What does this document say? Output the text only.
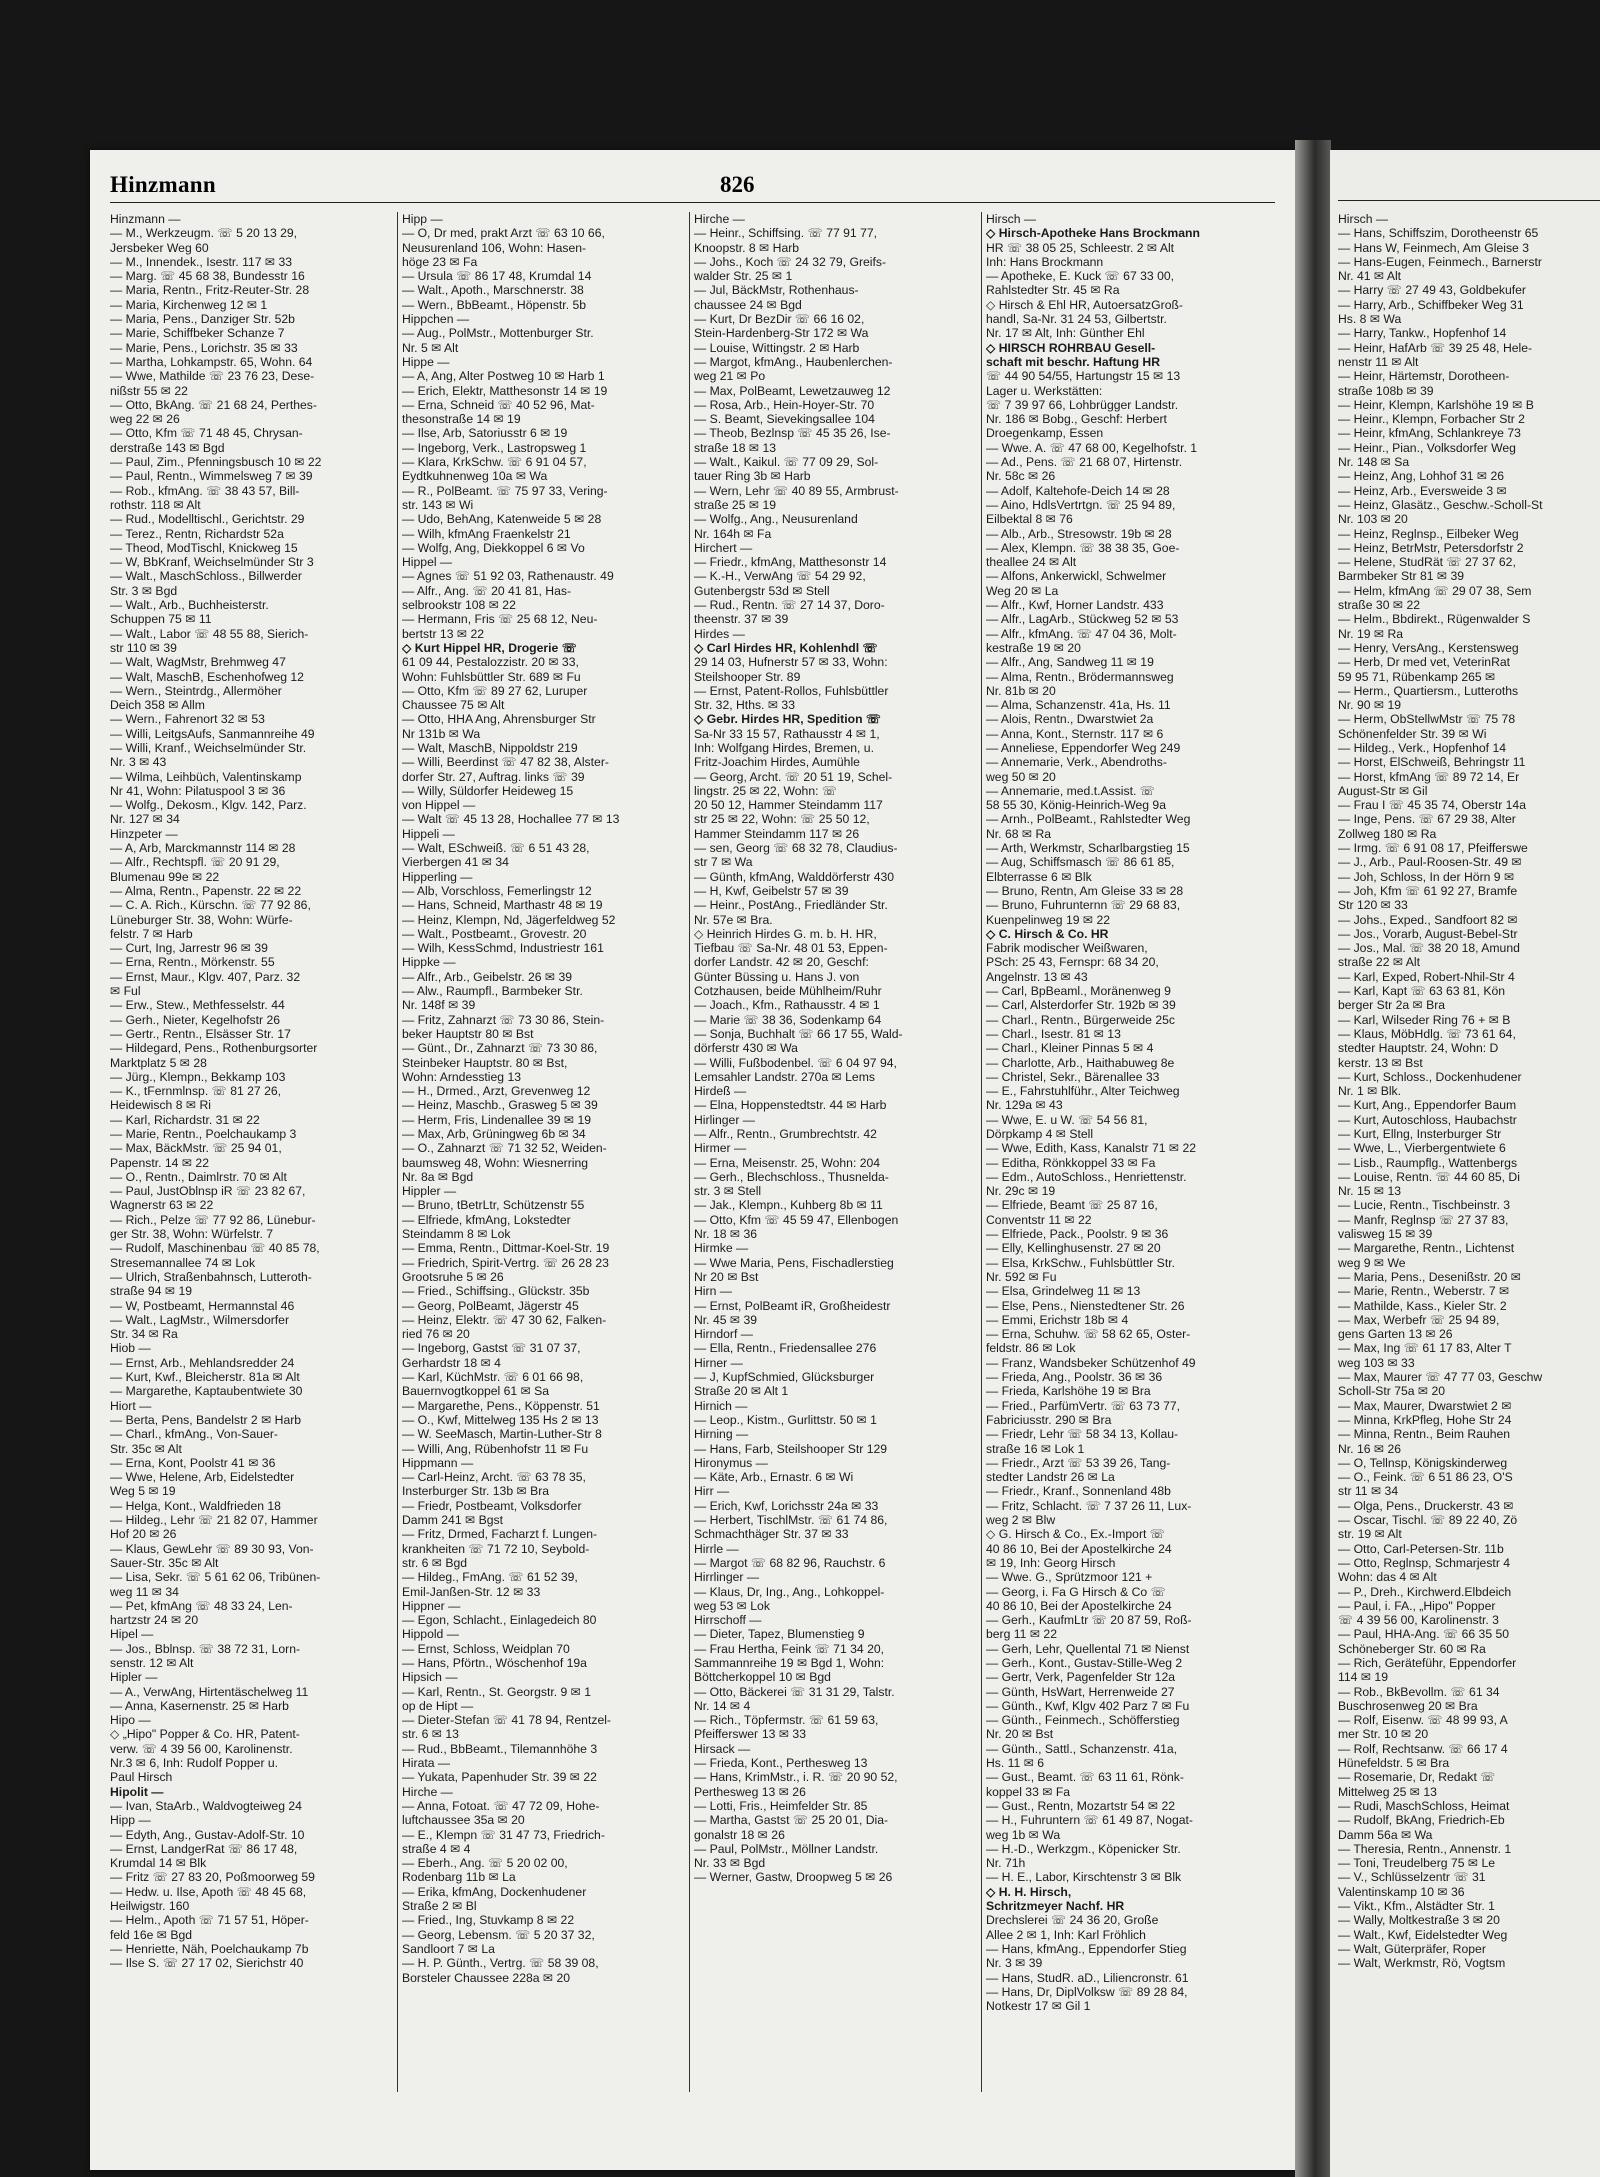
Hirsch —
— Hans, Schiffszim, Dorotheenstr 65
— Hans W, Feinmech, Am Gleise 3
— Hans-Eugen, Feinmech., Barnerstr
Nr. 41 ✉ Alt
— Harry ☏ 27 49 43, Goldbekufer
— Harry, Arb., Schiffbeker Weg 31
Hs. 8 ✉ Wa
— Harry, Tankw., Hopfenhof 14
— Heinr, HafArb ☏ 39 25 48, Hele-
nenstr 11 ✉ Alt
— Heinr, Härtemstr, Dorotheen-
straße 108b ✉ 39
— Heinr, Klempn, Karlshöhe 19 ✉ B
— Heinr., Klempn, Forbacher Str 2
— Heinr, kfmAng, Schlankreye 73
— Heinr., Pian., Volksdorfer Weg
Nr. 148 ✉ Sa
— Heinz, Ang, Lohhof 31 ✉ 26
— Heinz, Arb., Eversweide 3 ✉
— Heinz, Glasätz., Geschw.-Scholl-St
Nr. 103 ✉ 20
— Heinz, Reglnsp., Eilbeker Weg
— Heinz, BetrMstr, Petersdorfstr 2
— Helene, StudRät ☏ 27 37 62,
Barmbeker Str 81 ✉ 39
— Helm, kfmAng ☏ 29 07 38, Sem
straße 30 ✉ 22
— Helm., Bbdirekt., Rügenwalder S
Nr. 19 ✉ Ra
— Henry, VersAng., Kerstensweg
— Herb, Dr med vet, VeterinRat
59 95 71, Rübenkamp 265 ✉
— Herm., Quartiersm., Lutteroths
Nr. 90 ✉ 19
— Herm, ObStellwMstr ☏ 75 78
Schönenfelder Str. 39 ✉ Wi
— Hildeg., Verk., Hopfenhof 14
— Horst, ElSchweiß, Behringstr 11
— Horst, kfmAng ☏ 89 72 14, Er
August-Str ✉ Gil
— Frau I ☏ 45 35 74, Oberstr 14a
— Inge, Pens. ☏ 67 29 38, Alter
Zollweg 180 ✉ Ra
— Irmg. ☏ 6 91 08 17, Pfeifferswe
— J., Arb., Paul-Roosen-Str. 49 ✉
— Joh, Schloss, In der Hörn 9 ✉
— Joh, Kfm ☏ 61 92 27, Bramfe
Str 120 ✉ 33
— Johs., Exped., Sandfoort 82 ✉
— Jos., Vorarb, August-Bebel-Str
— Jos., Mal. ☏ 38 20 18, Amund
straße 22 ✉ Alt
— Karl, Exped, Robert-Nhil-Str 4
— Karl, Kapt ☏ 63 63 81, Kön
berger Str 2a ✉ Bra
— Karl, Wilseder Ring 76 + ✉ B
— Klaus, MöbHdlg. ☏ 73 61 64,
stedter Hauptstr. 24, Wohn: D
kerstr. 13 ✉ Bst
— Kurt, Schloss., Dockenhudener
Nr. 1 ✉ Blk.
— Kurt, Ang., Eppendorfer Baum
— Kurt, Autoschloss, Haubachstr
— Kurt, Ellng, Insterburger Str
— Wwe, L., Vierbergentwiete 6
— Lisb., Raumpflg., Wattenbergs
— Louise, Rentn. ☏ 44 60 85, Di
Nr. 15 ✉ 13
— Lucie, Rentn., Tischbeinstr. 3
— Manfr, Reglnsp ☏ 27 37 83,
valisweg 15 ✉ 39
— Margarethe, Rentn., Lichtenst
weg 9 ✉ We
— Maria, Pens., Desenißstr. 20 ✉
— Marie, Rentn., Weberstr. 7 ✉
— Mathilde, Kass., Kieler Str. 2
— Max, Werbefr ☏ 25 94 89,
gens Garten 13 ✉ 26
— Max, Ing ☏ 61 17 83, Alter T
weg 103 ✉ 33
— Max, Maurer ☏ 47 77 03, Geschw
Scholl-Str 75a ✉ 20
— Max, Maurer, Dwarstwiet 2 ✉
— Minna, KrkPfleg, Hohe Str 24
— Minna, Rentn., Beim Rauhen
Nr. 16 ✉ 26
— O, Tellnsp, Königskinderweg
— O., Feink. ☏ 6 51 86 23, O'S
str 11 ✉ 34
— Olga, Pens., Druckerstr. 43 ✉
— Oscar, Tischl. ☏ 89 22 40, Zö
str. 19 ✉ Alt
— Otto, Carl-Petersen-Str. 11b
— Otto, Reglnsp, Schmarjestr 4
Wohn: das 4 ✉ Alt
— P., Dreh., Kirchwerd.Elbdeich
— Paul, i. FA., „Hipo" Popper
☏ 4 39 56 00, Karolinenstr. 3
— Paul, HHA-Ang. ☏ 66 35 50
Schöneberger Str. 60 ✉ Ra
— Rich, Geräteführ, Eppendorfer
114 ✉ 19
— Rob., BkBevollm. ☏ 61 34
Buschrosenweg 20 ✉ Bra
— Rolf, Eisenw. ☏ 48 99 93, A
mer Str. 10 ✉ 20
— Rolf, Rechtsanw. ☏ 66 17 4
Hünefeldstr. 5 ✉ Bra
— Rosemarie, Dr, Redakt ☏
Mittelweg 25 ✉ 13
— Rudi, MaschSchloss, Heimat
— Rudolf, BkAng, Friedrich-Eb
Damm 56a ✉ Wa
— Theresia, Rentn., Annenstr. 1
— Toni, Treudelberg 75 ✉ Le
— V., Schlüsselzentr ☏ 31
Valentinskamp 10 ✉ 36
— Vikt., Kfm., Alstädter Str. 1
— Wally, Moltkestraße 3 ✉ 20
— Walt., Kwf, Eidelstedter Weg
— Walt, Güterpräfer, Roper
— Walt, Werkmstr, Rö, Vogtsm
Hinzmann	826
Hinzmann —
— M., Werkzeugm. ☏ 5 20 13 29,
Jersbeker Weg 60
— M., Innendek., Isestr. 117 ✉ 33
— Marg. ☏ 45 68 38, Bundesstr 16
— Maria, Rentn., Fritz-Reuter-Str. 28
— Maria, Kirchenweg 12 ✉ 1
— Maria, Pens., Danziger Str. 52b
— Marie, Schiffbeker Schanze 7
— Marie, Pens., Lorichstr. 35 ✉ 33
— Martha, Lohkampstr. 65, Wohn. 64
— Wwe, Mathilde ☏ 23 76 23, Dese-
nißstr 55 ✉ 22
— Otto, BkAng. ☏ 21 68 24, Perthes-
weg 22 ✉ 26
— Otto, Kfm ☏ 71 48 45, Chrysan-
derstraße 143 ✉ Bgd
— Paul, Zim., Pfenningsbusch 10 ✉ 22
— Paul, Rentn., Wimmelsweg 7 ✉ 39
— Rob., kfmAng. ☏ 38 43 57, Bill-
rothstr. 118 ✉ Alt
— Rud., Modelltischl., Gerichtstr. 29
— Terez., Rentn, Richardstr 52a
— Theod, ModTischl, Knickweg 15
— W, BbKranf, Weichselmünder Str 3
— Walt., MaschSchloss., Billwerder
Str. 3 ✉ Bgd
— Walt., Arb., Buchheisterstr.
Schuppen 75 ✉ 11
— Walt., Labor ☏ 48 55 88, Sierich-
str 110 ✉ 39
— Walt, WagMstr, Brehmweg 47
— Walt, MaschB, Eschenhofweg 12
— Wern., Steintrdg., Allermöher
Deich 358 ✉ Allm
— Wern., Fahrenort 32 ✉ 53
— Willi, LeitgsAufs, Sanmannreihe 49
— Willi, Kranf., Weichselmünder Str.
Nr. 3 ✉ 43
— Wilma, Leihbüch, Valentinskamp
Nr 41, Wohn: Pilatuspool 3 ✉ 36
— Wolfg., Dekosm., Klgv. 142, Parz.
Nr. 127 ✉ 34
Hinzpeter —
— A, Arb, Marckmannstr 114 ✉ 28
— Alfr., Rechtspfl. ☏ 20 91 29,
Blumenau 99e ✉ 22
— Alma, Rentn., Papenstr. 22 ✉ 22
— C. A. Rich., Kürschn. ☏ 77 92 86,
Lüneburger Str. 38, Wohn: Würfe-
felstr. 7 ✉ Harb
— Curt, Ing, Jarrestr 96 ✉ 39
— Erna, Rentn., Mörkenstr. 55
— Ernst, Maur., Klgv. 407, Parz. 32
✉ Ful
— Erw., Stew., Methfesselstr. 44
— Gerh., Nieter, Kegelhofstr 26
— Gertr., Rentn., Elsässer Str. 17
— Hildegard, Pens., Rothenburgsorter
Marktplatz 5 ✉ 28
— Jürg., Klempn., Bekkamp 103
— K., tFernmlnsp. ☏ 81 27 26,
Heidewisch 8 ✉ Ri
— Karl, Richardstr. 31 ✉ 22
— Marie, Rentn., Poelchaukamp 3
— Max, BäckMstr. ☏ 25 94 01,
Papenstr. 14 ✉ 22
— O., Rentn., Daimlrstr. 70 ✉ Alt
— Paul, JustOblnsp iR ☏ 23 82 67,
Wagnerstr 63 ✉ 22
— Rich., Pelze ☏ 77 92 86, Lünebur-
ger Str. 38, Wohn: Würfelstr. 7
— Rudolf, Maschinenbau ☏ 40 85 78,
Stresemannallee 74 ✉ Lok
— Ulrich, Straßenbahnsch, Lutteroth-
straße 94 ✉ 19
— W, Postbeamt, Hermannstal 46
— Walt., LagMstr., Wilmersdorfer
Str. 34 ✉ Ra
Hiob —
— Ernst, Arb., Mehlandsredder 24
— Kurt, Kwf., Bleicherstr. 81a ✉ Alt
— Margarethe, Kaptaubentwiete 30
Hiort —
— Berta, Pens, Bandelstr 2 ✉ Harb
— Charl., kfmAng., Von-Sauer-
Str. 35c ✉ Alt
— Erna, Kont, Poolstr 41 ✉ 36
— Wwe, Helene, Arb, Eidelstedter
Weg 5 ✉ 19
— Helga, Kont., Waldfrieden 18
— Hildeg., Lehr ☏ 21 82 07, Hammer
Hof 20 ✉ 26
— Klaus, GewLehr ☏ 89 30 93, Von-
Sauer-Str. 35c ✉ Alt
— Lisa, Sekr. ☏ 5 61 62 06, Tribünen-
weg 11 ✉ 34
— Pet, kfmAng ☏ 48 33 24, Len-
hartzstr 24 ✉ 20
Hipel —
— Jos., Bblnsp. ☏ 38 72 31, Lorn-
senstr. 12 ✉ Alt
Hipler —
— A., VerwAng, Hirtentäschelweg 11
— Anna, Kasernenstr. 25 ✉ Harb
Hipo —
◇ „Hipo" Popper & Co. HR, Patent-
verw. ☏ 4 39 56 00, Karolinenstr.
Nr.3 ✉ 6, Inh: Rudolf Popper u.
Paul Hirsch
Hipolit —
— Ivan, StaArb., Waldvogteiweg 24
Hipp —
— Edyth, Ang., Gustav-Adolf-Str. 10
— Ernst, LandgerRat ☏ 86 17 48,
Krumdal 14 ✉ Blk
— Fritz ☏ 27 83 20, Poßmoorweg 59
— Hedw. u. Ilse, Apoth ☏ 48 45 68,
Heilwigstr. 160
— Helm., Apoth ☏ 71 57 51, Höper-
feld 16e ✉ Bgd
— Henriette, Näh, Poelchaukamp 7b
— Ilse S. ☏ 27 17 02, Sierichstr 40
Hipp —
— O, Dr med, prakt Arzt ☏ 63 10 66,
Neusurenland 106, Wohn: Hasen-
höge 23 ✉ Fa
— Ursula ☏ 86 17 48, Krumdal 14
— Walt., Apoth., Marschnerstr. 38
— Wern., BbBeamt., Höpenstr. 5b
Hippchen —
— Aug., PolMstr., Mottenburger Str.
Nr. 5 ✉ Alt
Hippe —
— A, Ang, Alter Postweg 10 ✉ Harb 1
— Erich, Elektr, Matthesonstr 14 ✉ 19
— Erna, Schneid ☏ 40 52 96, Mat-
thesonstraße 14 ✉ 19
— Ilse, Arb, Satoriusstr 6 ✉ 19
— Ingeborg, Verk., Lastropsweg 1
— Klara, KrkSchw. ☏ 6 91 04 57,
Eydtkuhnenweg 10a ✉ Wa
— R., PolBeamt. ☏ 75 97 33, Vering-
str. 143 ✉ Wi
— Udo, BehAng, Katenweide 5 ✉ 28
— Wilh, kfmAng Fraenkelstr 21
— Wolfg, Ang, Diekkoppel 6 ✉ Vo
Hippel —
— Agnes ☏ 51 92 03, Rathenaustr. 49
— Alfr., Ang. ☏ 20 41 81, Has-
selbrookstr 108 ✉ 22
— Hermann, Fris ☏ 25 68 12, Neu-
bertstr 13 ✉ 22
◇ Kurt Hippel HR, Drogerie ☏
61 09 44, Pestalozzistr. 20 ✉ 33,
Wohn: Fuhlsbüttler Str. 689 ✉ Fu
— Otto, Kfm ☏ 89 27 62, Luruper
Chaussee 75 ✉ Alt
— Otto, HHA Ang, Ahrensburger Str
Nr 131b ✉ Wa
— Walt, MaschB, Nippoldstr 219
— Willi, Beerdinst ☏ 47 82 38, Alster-
dorfer Str. 27, Auftrag. links ☏ 39
— Willy, Süldorfer Heideweg 15
von Hippel —
— Walt ☏ 45 13 28, Hochallee 77 ✉ 13
Hippeli —
— Walt, ESchweiß. ☏ 6 51 43 28,
Vierbergen 41 ✉ 34
Hipperling —
— Alb, Vorschloss, Femerlingstr 12
— Hans, Schneid, Marthastr 48 ✉ 19
— Heinz, Klempn, Nd, Jägerfeldweg 52
— Walt., Postbeamt., Grovestr. 20
— Wilh, KessSchmd, Industriestr 161
Hippke —
— Alfr., Arb., Geibelstr. 26 ✉ 39
— Alw., Raumpfl., Barmbeker Str.
Nr. 148f ✉ 39
— Fritz, Zahnarzt ☏ 73 30 86, Stein-
beker Hauptstr 80 ✉ Bst
— Günt., Dr., Zahnarzt ☏ 73 30 86,
Steinbeker Hauptstr. 80 ✉ Bst,
Wohn: Arndesstieg 13
— H., Drmed., Arzt, Grevenweg 12
— Heinz, Maschb., Grasweg 5 ✉ 39
— Herm, Fris, Lindenallee 39 ✉ 19
— Max, Arb, Grüningweg 6b ✉ 34
— O., Zahnarzt ☏ 71 32 52, Weiden-
baumsweg 48, Wohn: Wiesnerring
Nr. 8a ✉ Bgd
Hippler —
— Bruno, tBetrLtr, Schützenstr 55
— Elfriede, kfmAng, Lokstedter
Steindamm 8 ✉ Lok
— Emma, Rentn., Dittmar-Koel-Str. 19
— Friedrich, Spirit-Vertrg. ☏ 26 28 23
Grootsruhe 5 ✉ 26
— Fried., Schiffsing., Glückstr. 35b
— Georg, PolBeamt, Jägerstr 45
— Heinz, Elektr. ☏ 47 30 62, Falken-
ried 76 ✉ 20
— Ingeborg, Gastst ☏ 31 07 37,
Gerhardstr 18 ✉ 4
— Karl, KüchMstr. ☏ 6 01 66 98,
Bauernvogtkoppel 61 ✉ Sa
— Margarethe, Pens., Köppenstr. 51
— O., Kwf, Mittelweg 135 Hs 2 ✉ 13
— W. SeeMasch, Martin-Luther-Str 8
— Willi, Ang, Rübenhofstr 11 ✉ Fu
Hippmann —
— Carl-Heinz, Archt. ☏ 63 78 35,
Insterburger Str. 13b ✉ Bra
— Friedr, Postbeamt, Volksdorfer
Damm 241 ✉ Bgst
— Fritz, Drmed, Facharzt f. Lungen-
krankheiten ☏ 71 72 10, Seybold-
str. 6 ✉ Bgd
— Hildeg., FmAng. ☏ 61 52 39,
Emil-Janßen-Str. 12 ✉ 33
Hippner —
— Egon, Schlacht., Einlagedeich 80
Hippold —
— Ernst, Schloss, Weidplan 70
— Hans, Pförtn., Wöschenhof 19a
Hipsich —
— Karl, Rentn., St. Georgstr. 9 ✉ 1
op de Hipt —
— Dieter-Stefan ☏ 41 78 94, Rentzel-
str. 6 ✉ 13
— Rud., BbBeamt., Tilemannhöhe 3
Hirata —
— Yukata, Papenhuder Str. 39 ✉ 22
Hirche —
— Anna, Fotoat. ☏ 47 72 09, Hohe-
luftchaussee 35a ✉ 20
— E., Klempn ☏ 31 47 73, Friedrich-
straße 4 ✉ 4
— Eberh., Ang. ☏ 5 20 02 00,
Rodenbarg 11b ✉ La
— Erika, kfmAng, Dockenhudener
Straße 2 ✉ Bl
— Fried., Ing, Stuvkamp 8 ✉ 22
— Georg, Lebensm. ☏ 5 20 37 32,
Sandloort 7 ✉ La
— H. P. Günth., Vertrg. ☏ 58 39 08,
Borsteler Chaussee 228a ✉ 20
Hirche —
— Heinr., Schiffsing. ☏ 77 91 77,
Knoopstr. 8 ✉ Harb
— Johs., Koch ☏ 24 32 79, Greifs-
walder Str. 25 ✉ 1
— Jul, BäckMstr, Rothenhaus-
chaussee 24 ✉ Bgd
— Kurt, Dr BezDir ☏ 66 16 02,
Stein-Hardenberg-Str 172 ✉ Wa
— Louise, Wittingstr. 2 ✉ Harb
— Margot, kfmAng., Haubenlerchen-
weg 21 ✉ Po
— Max, PolBeamt, Lewetzauweg 12
— Rosa, Arb., Hein-Hoyer-Str. 70
— S. Beamt, Sievekingsallee 104
— Theob, Bezlnsp ☏ 45 35 26, Ise-
straße 18 ✉ 13
— Walt., Kaikul. ☏ 77 09 29, Sol-
tauer Ring 3b ✉ Harb
— Wern, Lehr ☏ 40 89 55, Armbrust-
straße 25 ✉ 19
— Wolfg., Ang., Neusurenland
Nr. 164h ✉ Fa
Hirchert —
— Friedr., kfmAng, Matthesonstr 14
— K.-H., VerwAng ☏ 54 29 92,
Gutenbergstr 53d ✉ Stell
— Rud., Rentn. ☏ 27 14 37, Doro-
theenstr. 37 ✉ 39
Hirdes —
◇ Carl Hirdes HR, Kohlenhdl ☏
29 14 03, Hufnerstr 57 ✉ 33, Wohn:
Steilshooper Str. 89
— Ernst, Patent-Rollos, Fuhlsbüttler
Str. 32, Hths. ✉ 33
◇ Gebr. Hirdes HR, Spedition ☏
Sa-Nr 33 15 57, Rathausstr 4 ✉ 1,
Inh: Wolfgang Hirdes, Bremen, u.
Fritz-Joachim Hirdes, Aumühle
— Georg, Archt. ☏ 20 51 19, Schel-
lingstr. 25 ✉ 22, Wohn: ☏
20 50 12, Hammer Steindamm 117
str 25 ✉ 22, Wohn: ☏ 25 50 12,
Hammer Steindamm 117 ✉ 26
— sen, Georg ☏ 68 32 78, Claudius-
str 7 ✉ Wa
— Günth, kfmAng, Walddörferstr 430
— H, Kwf, Geibelstr 57 ✉ 39
— Heinr., PostAng., Friedländer Str.
Nr. 57e ✉ Bra.
◇ Heinrich Hirdes G. m. b. H. HR,
Tiefbau ☏ Sa-Nr. 48 01 53, Eppen-
dorfer Landstr. 42 ✉ 20, Geschf:
Günter Büssing u. Hans J. von
Cotzhausen, beide Mühlheim/Ruhr
— Joach., Kfm., Rathausstr. 4 ✉ 1
— Marie ☏ 38 36, Sodenkamp 64
— Sonja, Buchhalt ☏ 66 17 55, Wald-
dörferstr 430 ✉ Wa
— Willi, Fußbodenbel. ☏ 6 04 97 94,
Lemsahler Landstr. 270a ✉ Lems
Hirdeß —
— Elna, Hoppenstedtstr. 44 ✉ Harb
Hirlinger —
— Alfr., Rentn., Grumbrechtstr. 42
Hirmer —
— Erna, Meisenstr. 25, Wohn: 204
— Gerh., Blechschloss., Thusnelda-
str. 3 ✉ Stell
— Jak., Klempn., Kuhberg 8b ✉ 11
— Otto, Kfm ☏ 45 59 47, Ellenbogen
Nr. 18 ✉ 36
Hirmke —
— Wwe Maria, Pens, Fischadlerstieg
Nr 20 ✉ Bst
Hirn —
— Ernst, PolBeamt iR, Großheidestr
Nr. 45 ✉ 39
Hirndorf —
— Ella, Rentn., Friedensallee 276
Hirner —
— J, KupfSchmied, Glücksburger
Straße 20 ✉ Alt 1
Hirnich —
— Leop., Kistm., Gurlittstr. 50 ✉ 1
Hirning —
— Hans, Farb, Steilshooper Str 129
Hironymus —
— Käte, Arb., Ernastr. 6 ✉ Wi
Hirr —
— Erich, Kwf, Lorichsstr 24a ✉ 33
— Herbert, TischlMstr. ☏ 61 74 86,
Schmachthäger Str. 37 ✉ 33
Hirrle —
— Margot ☏ 68 82 96, Rauchstr. 6
Hirrlinger —
— Klaus, Dr, Ing., Ang., Lohkoppel-
weg 53 ✉ Lok
Hirrschoff —
— Dieter, Tapez, Blumenstieg 9
— Frau Hertha, Feink ☏ 71 34 20,
Sammannreihe 19 ✉ Bgd 1, Wohn:
Böttcherkoppel 10 ✉ Bgd
— Otto, Bäckerei ☏ 31 31 29, Talstr.
Nr. 14 ✉ 4
— Rich., Töpfermstr. ☏ 61 59 63,
Pfeifferswег 13 ✉ 33
Hirsack —
— Frieda, Kont., Pertheswеg 13
— Hans, KrimMstr., i. R. ☏ 20 90 52,
Pertheswеg 13 ✉ 26
— Lotti, Fris., Heimfelder Str. 85
— Martha, Gastst ☏ 25 20 01, Dia-
gonalstr 18 ✉ 26
— Paul, PolMstr., Möllner Landstr.
Nr. 33 ✉ Bgd
— Werner, Gastw, Droopweg 5 ✉ 26
Hirsch —
◇ Hirsch-Apotheke Hans Brockmann
HR ☏ 38 05 25, Schleestr. 2 ✉ Alt
Inh: Hans Brockmann
— Apotheke, E. Kuck ☏ 67 33 00,
Rahlstedter Str. 45 ✉ Ra
◇ Hirsch & Ehl HR, AutoersatzGroß-
handl, Sa-Nr. 31 24 53, Gilbertstr.
Nr. 17 ✉ Alt, Inh: Günther Ehl
◇ HIRSCH ROHRBAU Gesell-
schaft mit beschr. Haftung HR
☏ 44 90 54/55, Hartungstr 15 ✉ 13
Lager u. Werkstätten:
☏ 7 39 97 66, Lohbrügger Landstr.
Nr. 186 ✉ Bobg., Geschf: Herbert
Droegenkamp, Essen
— Wwe. A. ☏ 47 68 00, Kegelhofstr. 1
— Ad., Pens. ☏ 21 68 07, Hirtenstr.
Nr. 58c ✉ 26
— Adolf, Kaltehofe-Deich 14 ✉ 28
— Aino, HdlsVertrtgn. ☏ 25 94 89,
Eilbektal 8 ✉ 76
— Alb., Arb., Stresowstr. 19b ✉ 28
— Alex, Klempn. ☏ 38 38 35, Goe-
theallee 24 ✉ Alt
— Alfons, Ankerwickl, Schwelmer
Weg 20 ✉ La
— Alfr., Kwf, Horner Landstr. 433
— Alfr., LagArb., Stückweg 52 ✉ 53
— Alfr., kfmAng. ☏ 47 04 36, Molt-
kestraße 19 ✉ 20
— Alfr., Ang, Sandweg 11 ✉ 19
— Alma, Rentn., Brödermannsweg
Nr. 81b ✉ 20
— Alma, Schanzenstr. 41a, Hs. 11
— Alois, Rentn., Dwarstwiet 2a
— Anna, Kont., Sternstr. 117 ✉ 6
— Anneliese, Eppendorfer Weg 249
— Annemarie, Verk., Abendroths-
weg 50 ✉ 20
— Annemarie, med.t.Assist. ☏
58 55 30, König-Heinrich-Weg 9a
— Arnh., PolBeamt., Rahlstedter Weg
Nr. 68 ✉ Ra
— Arth, Werkmstr, Scharlbargstieg 15
— Aug, Schiffsmasch ☏ 86 61 85,
Elbterrasse 6 ✉ Blk
— Bruno, Rentn, Am Gleise 33 ✉ 28
— Bruno, Fuhrunternn ☏ 29 68 83,
Kuenpelinweg 19 ✉ 22
◇ C. Hirsch & Co. HR
Fabrik modischer Weißwaren,
PSch: 25 43, Fernspr: 68 34 20,
Angelnstr. 13 ✉ 43
— Carl, BpBeaml., Moränenweg 9
— Carl, Alsterdorfer Str. 192b ✉ 39
— Charl., Rentn., Bürgerweide 25c
— Charl., Isestr. 81 ✉ 13
— Charl., Kleiner Pinnas 5 ✉ 4
— Charlotte, Arb., Haithabuweg 8e
— Christel, Sekr., Bärenallee 33
— E., Fahrstuhlführ., Alter Teichweg
Nr. 129a ✉ 43
— Wwe, E. u W. ☏ 54 56 81,
Dörpkamp 4 ✉ Stell
— Wwe, Edith, Kass, Kanalstr 71 ✉ 22
— Editha, Rönkkoppel 33 ✉ Fa
— Edm., AutoSchloss., Henriettenstr.
Nr. 29c ✉ 19
— Elfriede, Beamt ☏ 25 87 16,
Conventstr 11 ✉ 22
— Elfriede, Pack., Poolstr. 9 ✉ 36
— Elly, Kellinghusenstr. 27 ✉ 20
— Elsa, KrkSchw., Fuhlsbüttler Str.
Nr. 592 ✉ Fu
— Elsa, Grindelweg 11 ✉ 13
— Else, Pens., Nienstedtener Str. 26
— Emmi, Erichstr 18b ✉ 4
— Erna, Schuhw. ☏ 58 62 65, Oster-
feldstr. 86 ✉ Lok
— Franz, Wandsbeker Schützenhof 49
— Frieda, Ang., Poolstr. 36 ✉ 36
— Frieda, Karlshöhe 19 ✉ Bra
— Fried., ParfümVertr. ☏ 63 73 77,
Fabriciusstr. 290 ✉ Bra
— Friedr, Lehr ☏ 58 34 13, Kollau-
straße 16 ✉ Lok 1
— Friedr., Arzt ☏ 53 39 26, Tang-
stedter Landstr 26 ✉ La
— Friedr., Kranf., Sonnenland 48b
— Fritz, Schlacht. ☏ 7 37 26 11, Lux-
weg 2 ✉ Blw
◇ G. Hirsch & Co., Ex.-Import ☏
40 86 10, Bei der Apostelkirche 24
✉ 19, Inh: Georg Hirsch
— Wwe. G., Sprützmoor 121 +
— Georg, i. Fa G Hirsch & Co ☏
40 86 10, Bei der Apostelkirche 24
— Gerh., KaufmLtr ☏ 20 87 59, Roß-
berg 11 ✉ 22
— Gerh, Lehr, Quellental 71 ✉ Nienst
— Gerh., Kont., Gustav-Stille-Weg 2
— Gertr, Verk, Pagenfelder Str 12a
— Günth, HsWart, Herrenweide 27
— Günth., Kwf, Klgv 402 Parz 7 ✉ Fu
— Günth., Feinmech., Schöfferstieg
Nr. 20 ✉ Bst
— Günth., Sattl., Schanzenstr. 41a,
Hs. 11 ✉ 6
— Gust., Beamt. ☏ 63 11 61, Rönk-
koppel 33 ✉ Fa
— Gust., Rentn, Mozartstr 54 ✉ 22
— H., Fuhruntern ☏ 61 49 87, Nogat-
weg 1b ✉ Wa
— H.-D., Werkzgm., Köpenicker Str.
Nr. 71h
— H. E., Labor, Kirschtenstr 3 ✉ Blk
◇ H. H. Hirsch,
Schritzmeyer Nachf. HR
Drechslerei ☏ 24 36 20, Große
Allee 2 ✉ 1, Inh: Karl Fröhlich
— Hans, kfmAng., Eppendorfer Stieg
Nr. 3 ✉ 39
— Hans, StudR. aD., Liliencronstr. 61
— Hans, Dr, DiplVolksw ☏ 89 28 84,
Notkestr 17 ✉ Gil 1
